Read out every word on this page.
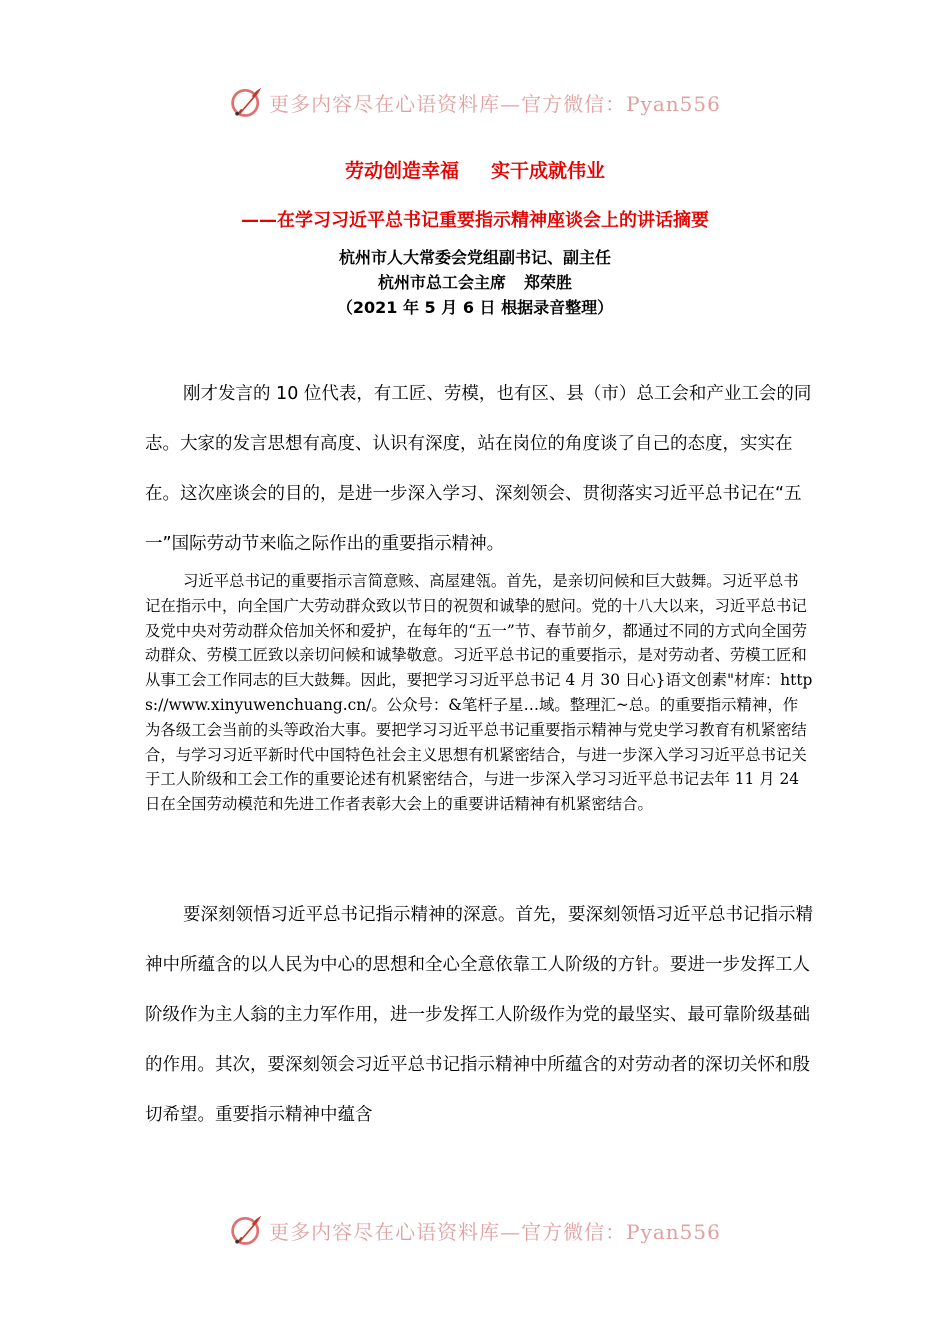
更多内容尽在心语资料库—官方微信：Pyan556
劳动创造幸福 实干成就伟业
——在学习习近平总书记重要指示精神座谈会上的讲话摘要
杭州市人大常委会党组副书记、副主任
杭州市总工会主席 郑荣胜
（2021 年 5 月 6 日 根据录音整理）

刚才发言的 10 位代表，有工匠、劳模，也有区、县（市）总工会和产业工会的同志。大家的发言思想有高度、认识有深度，站在岗位的角度谈了自己的态度，实实在在。这次座谈会的目的，是进一步深入学习、深刻领会、贯彻落实习近平总书记在“五一”国际劳动节来临之际作出的重要指示精神。

习近平总书记的重要指示言简意赅、高屋建瓴。首先，是亲切问候和巨大鼓舞。习近平总书记在指示中，向全国广大劳动群众致以节日的祝贺和诚挚的慰问。党的十八大以来，习近平总书记及党中央对劳动群众倍加关怀和爱护，在每年的“五一”节、春节前夕，都通过不同的方式向全国劳动群众、劳模工匠致以亲切问候和诚挚敬意。习近平总书记的重要指示，是对劳动者、劳模工匠和从事工会工作同志的巨大鼓舞。因此，要把学习习近平总书记 4 月 30 日心}语文创素"材库：https://www.xinyuwenchuang.cn/。公众号：&笔杆子星…域。整理汇~总。的重要指示精神，作为各级工会当前的头等政治大事。要把学习习近平总书记重要指示精神与党史学习教育有机紧密结合，与学习习近平新时代中国特色社会主义思想有机紧密结合，与进一步深入学习习近平总书记关于工人阶级和工会工作的重要论述有机紧密结合，与进一步深入学习习近平总书记去年 11 月 24 日在全国劳动模范和先进工作者表彰大会上的重要讲话精神有机紧密结合。

要深刻领悟习近平总书记指示精神的深意。首先，要深刻领悟习近平总书记指示精神中所蕴含的以人民为中心的思想和全心全意依靠工人阶级的方针。要进一步发挥工人阶级作为主人翁的主力军作用，进一步发挥工人阶级作为党的最坚实、最可靠阶级基础的作用。其次，要深刻领会习近平总书记指示精神中所蕴含的对劳动者的深切关怀和殷切希望。重要指示精神中蕴含

更多内容尽在心语资料库—官方微信：Pyan556
